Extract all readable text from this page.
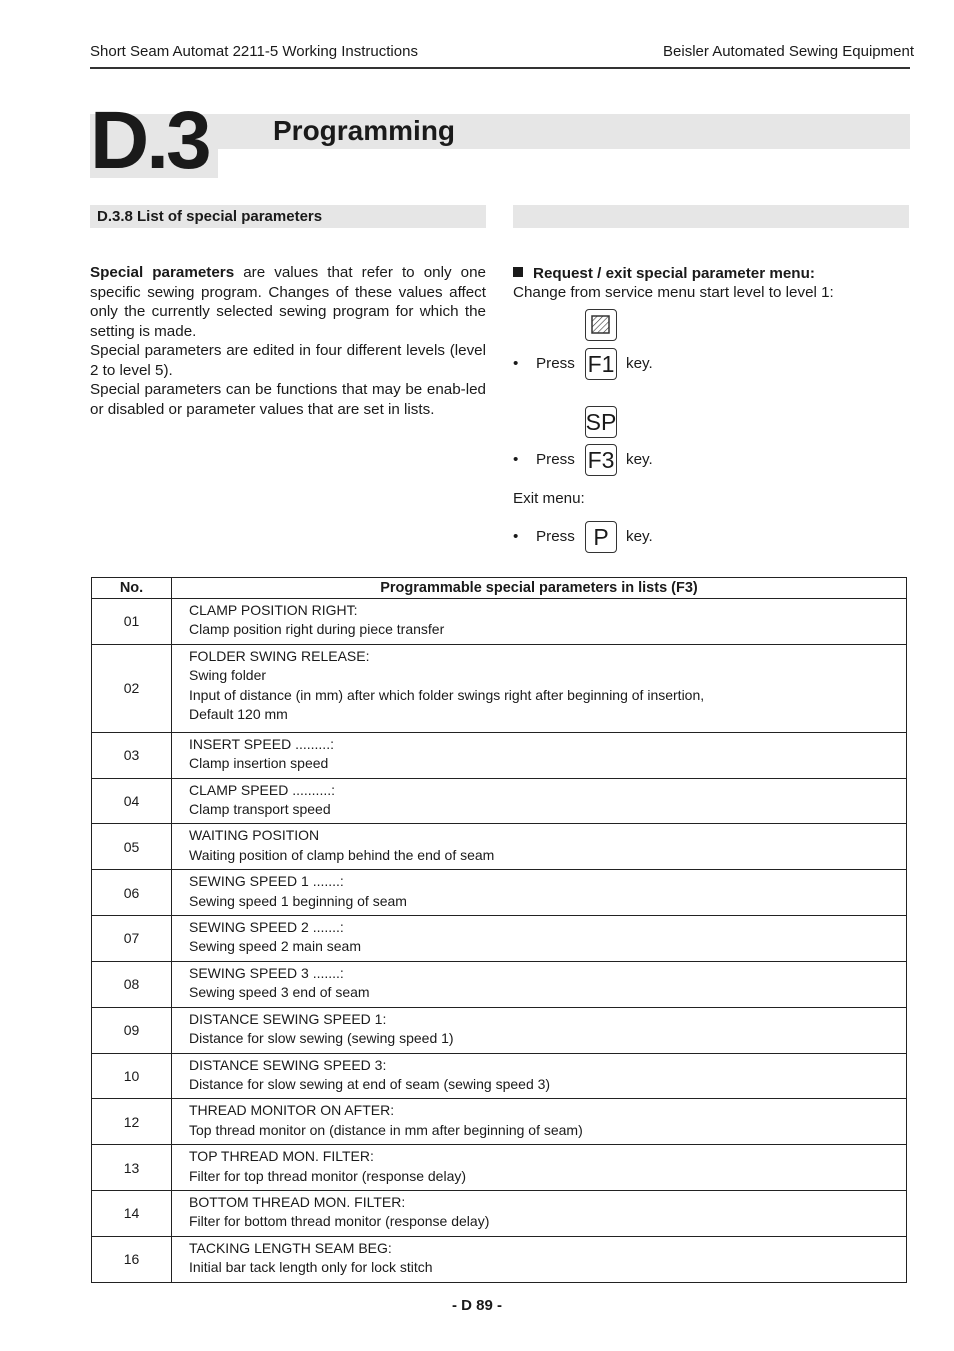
Short Seam Automat 2211-5 Working Instructions	Beisler Automated Sewing Equipment
D.3 Programming
D.3.8 List of special parameters

Special parameters are values that refer to only one specific sewing program. Changes of these values affect only the currently selected sewing program for which the setting is made.

Special parameters are edited in four different levels (level 2 to level 5).

Special parameters can be functions that may be enab-led or disabled or parameter values that are set in lists.

Request / exit special parameter menu:
Change from service menu start level to level 1:
• Press F1 key.
SP
• Press F3 key.
Exit menu:
• Press P	key.
No.	Programmable special parameters in lists (F3)
01	CLAMP POSITION RIGHT:
Clamp position right during piece transfer

02	FOLDER SWING RELEASE:
Swing folder
Input of distance (in mm) after which folder swings right after beginning of insertion,
Default 120 mm

03	INSERT SPEED .........:
Clamp insertion speed

04	CLAMP SPEED ..........:
Clamp transport speed

05	WAITING POSITION
Waiting position of clamp behind the end of seam

06	SEWING SPEED 1 .......:
Sewing speed 1 beginning of seam

07	SEWING SPEED 2 .......:
Sewing speed 2 main seam

08	SEWING SPEED 3 .......:
Sewing speed 3 end of seam

09	DISTANCE SEWING SPEED 1:
Distance for slow sewing (sewing speed 1)

10	DISTANCE SEWING SPEED 3:
Distance for slow sewing at end of seam (sewing speed 3)

12	THREAD MONITOR ON AFTER:
Top thread monitor on (distance in mm after beginning of seam)

13	TOP THREAD MON. FILTER:
Filter for top thread monitor (response delay)

14	BOTTOM THREAD MON. FILTER:
Filter for bottom thread monitor (response delay)

16	TACKING LENGTH SEAM BEG:
Initial bar tack length only for lock stitch
- D 89 -
